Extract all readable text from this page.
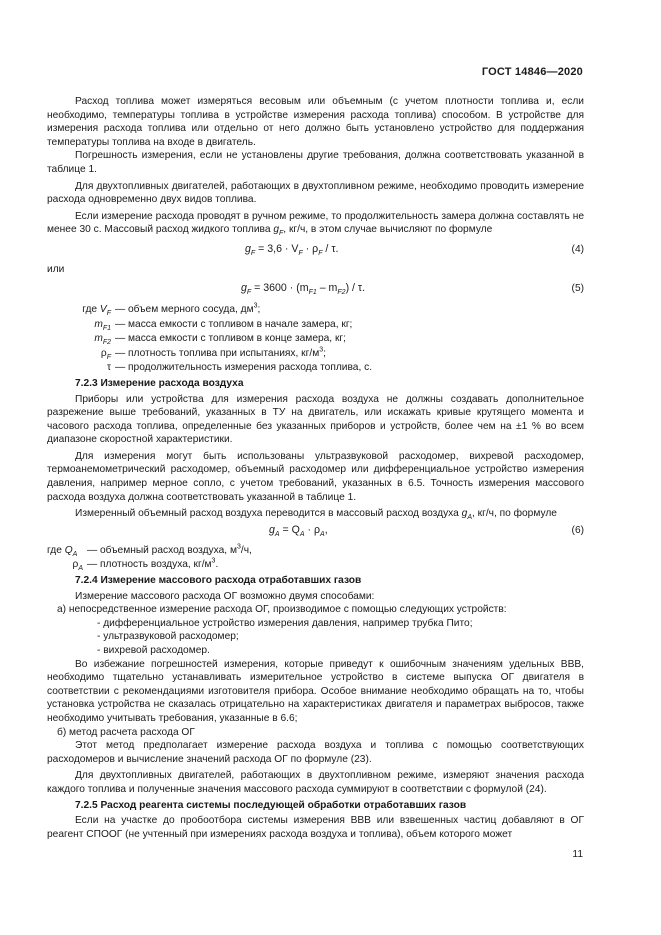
ГОСТ 14846—2020

Расход топлива может измеряться весовым или объемным (с учетом плотности топлива и, если необходимо, температуры топлива в устройстве измерения расхода топлива) способом. В устройстве для измерения расхода топлива или отдельно от него должно быть установлено устройство для поддержания температуры топлива на входе в двигатель.

Погрешность измерения, если не установлены другие требования, должна соответствовать указанной в таблице 1.

Для двухтопливных двигателей, работающих в двухтопливном режиме, необходимо проводить измерение расхода одновременно двух видов топлива.

Если измерение расхода проводят в ручном режиме, то продолжительность замера должна составлять не менее 30 с. Массовый расход жидкого топлива $g_F$, кг/ч, в этом случае вычисляют по формуле

$g_F = 3,6 \cdot V_F \cdot \rho_F / \tau$.	(4)

или

$g_F = 3600 \cdot (m_{F1} - m_{F2}) / \tau$.	(5)
где $V_F$ — объем мерного сосуда, $дм^3$;
$m_{F1}$ — масса емкости с топливом в начале замера, кг;
$m_{F2}$ — масса емкости с топливом в конце замера, кг;
$\rho_F$ — плотность топлива при испытаниях, $кг/м^3$;
τ — продолжительность измерения расхода топлива, с.

7.2.3 Измерение расхода воздуха

Приборы или устройства для измерения расхода воздуха не должны создавать дополнительное разрежение выше требований, указанных в ТУ на двигатель, или искажать кривые крутящего момента и часового расхода топлива, определенные без указанных приборов и устройств, более чем на ±1 % во всем диапазоне скоростной характеристики.

Для измерения могут быть использованы ультразвуковой расходомер, вихревой расходомер, термоанемометрический расходомер, объемный расходомер или дифференциальное устройство измерения давления, например мерное сопло, с учетом требований, указанных в 6.5. Точность измерения массового расхода воздуха должна соответствовать указанной в таблице 1.

Измеренный объемный расход воздуха переводится в массовый расход воздуха $g_A$, кг/ч, по формуле

$g_A = Q_A \cdot \rho_A$,	(6)
где $Q_A$ — объемный расход воздуха, $м^3/ч$,
$\rho_A$ — плотность воздуха, $кг/м^3$.

7.2.4 Измерение массового расхода отработавших газов

Измерение массового расхода ОГ возможно двумя способами:

а) непосредственное измерение расхода ОГ, производимое с помощью следующих устройств:

- дифференциальное устройство измерения давления, например трубка Пито;

- ультразвуковой расходомер;

- вихревой расходомер.

Во избежание погрешностей измерения, которые приведут к ошибочным значениям удельных ВВВ, необходимо тщательно устанавливать измерительное устройство в системе выпуска ОГ двигателя в соответствии с рекомендациями изготовителя прибора. Особое внимание необходимо обращать на то, чтобы установка устройства не сказалась отрицательно на характеристиках двигателя и параметрах выбросов, также необходимо учитывать требования, указанные в 6.6;

б) метод расчета расхода ОГ

Этот метод предполагает измерение расхода воздуха и топлива с помощью соответствующих расходомеров и вычисление значений расхода ОГ по формуле (23).

Для двухтопливных двигателей, работающих в двухтопливном режиме, измеряют значения расхода каждого топлива и полученные значения массового расхода суммируют в соответствии с формулой (24).

7.2.5 Расход реагента системы последующей обработки отработавших газов

Если на участке до пробоотбора системы измерения ВВВ или взвешенных частиц добавляют в ОГ реагент СПООГ (не учтенный при измерениях расхода воздуха и топлива), объем которого может

11
